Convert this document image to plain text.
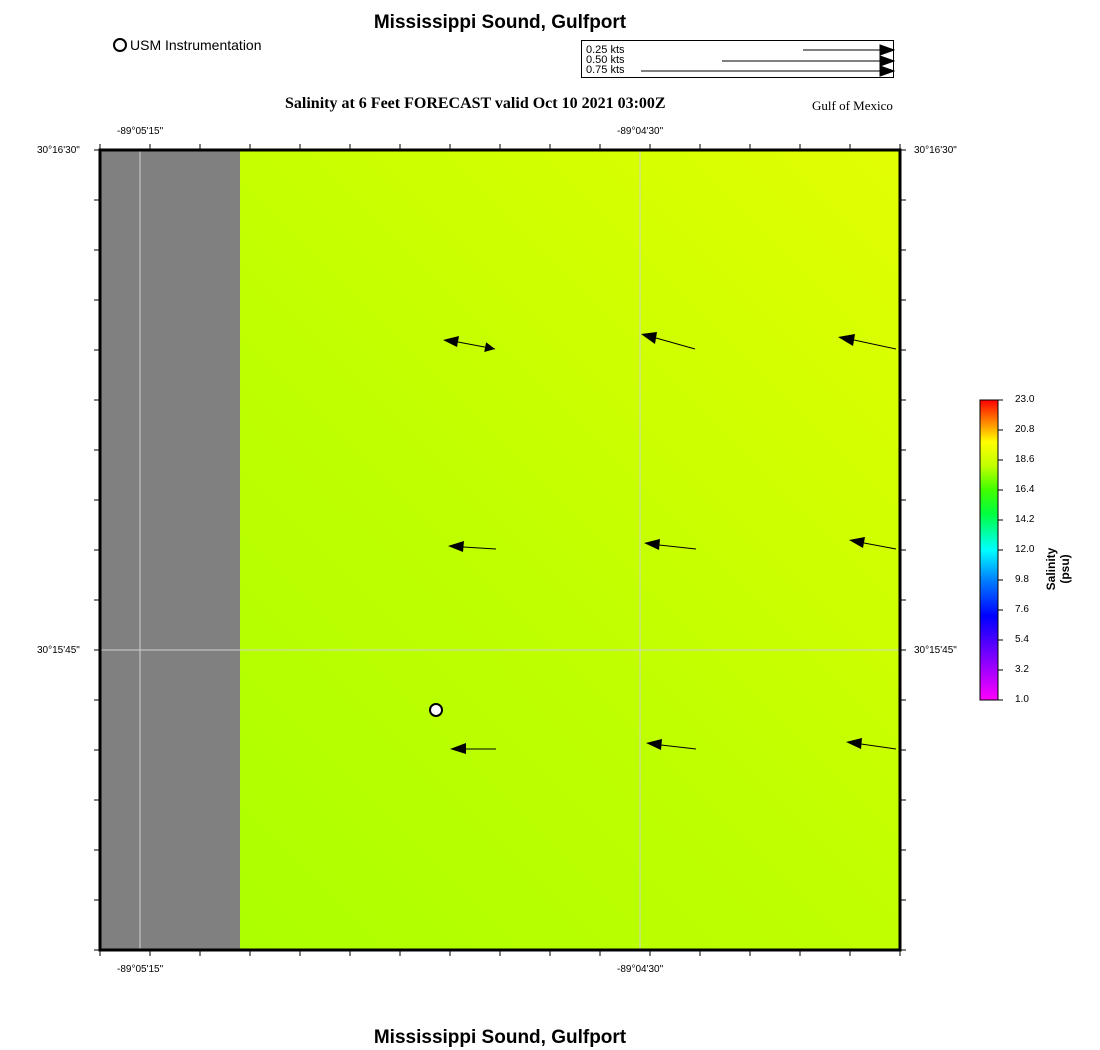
Mississippi Sound, Gulfport
USM Instrumentation	0.25 kts
0.50 kts
0.75 kts
Salinity at 6 Feet FORECAST valid Oct 10 2021 03:00Z	Gulf of Mexico
-89°05'15"	-89°04'30"
-89°05'15"	-89°04'30"
30°16'30"
30°15'45"
30°16'30"
30°15'45"
23.0
20.8
18.6
16.4
14.2
12.0
9.8
7.6
5.4
3.2
1.0
Salinity (psu)
Mississippi Sound, Gulfport
